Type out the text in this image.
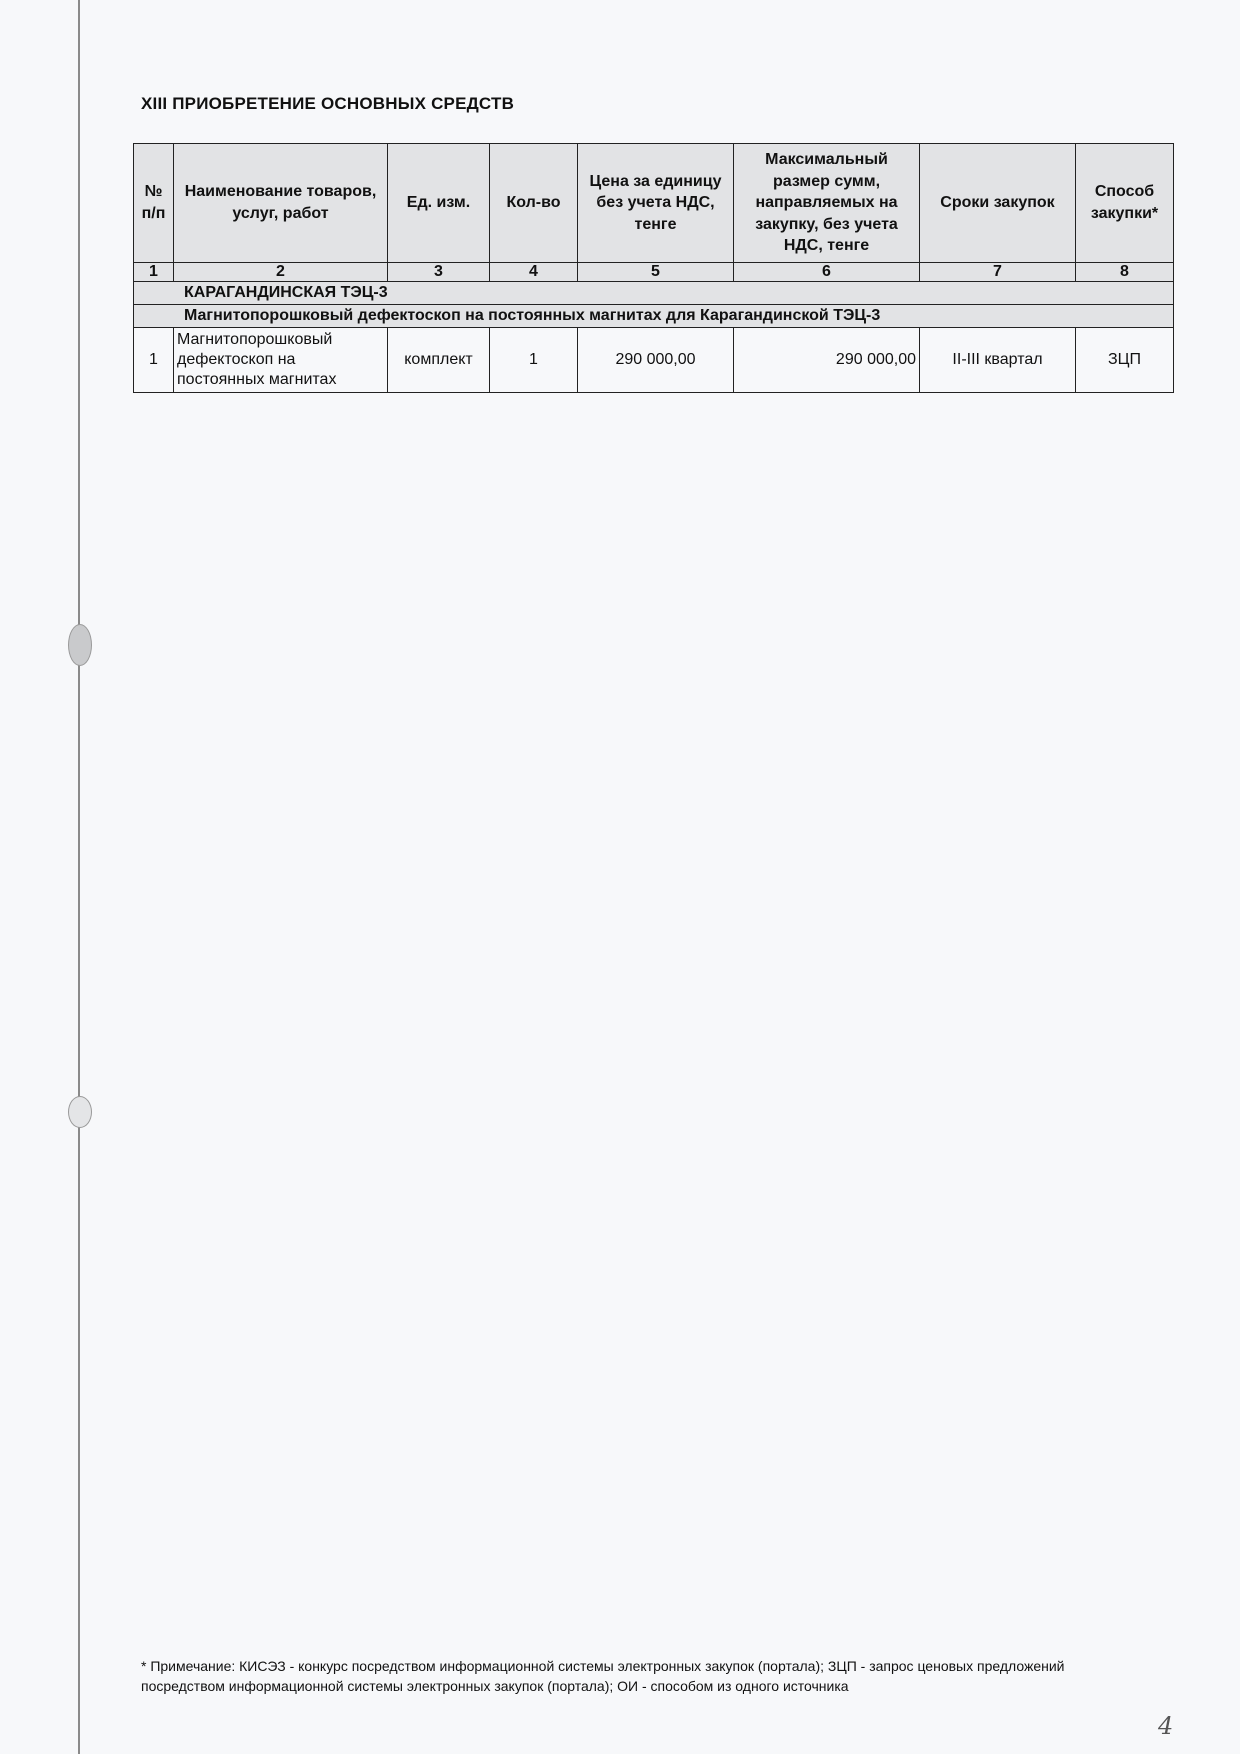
XIII ПРИОБРЕТЕНИЕ ОСНОВНЫХ СРЕДСТВ
№ п/п	Наименование товаров, услуг, работ	Ед. изм.	Кол-во	Цена за единицу без учета НДС, тенге	Максимальный размер сумм, направляемых на закупку, без учета НДС, тенге	Сроки закупок	Способ закупки*
1	2	3	4	5	6	7	8
КАРАГАНДИНСКАЯ ТЭЦ-3							
Магнитопорошковый дефектоскоп на постоянных магнитах для Карагандинской ТЭЦ-3							
1	Магнитопорошковый дефектоскоп на постоянных магнитах	комплект	1	290 000,00	290 000,00	II-III квартал	ЗЦП
* Примечание: КИСЭЗ - конкурс посредством информационной системы электронных закупок (портала); ЗЦП - запрос ценовых предложений посредством информационной системы электронных закупок (портала); ОИ - способом из одного источника
4
